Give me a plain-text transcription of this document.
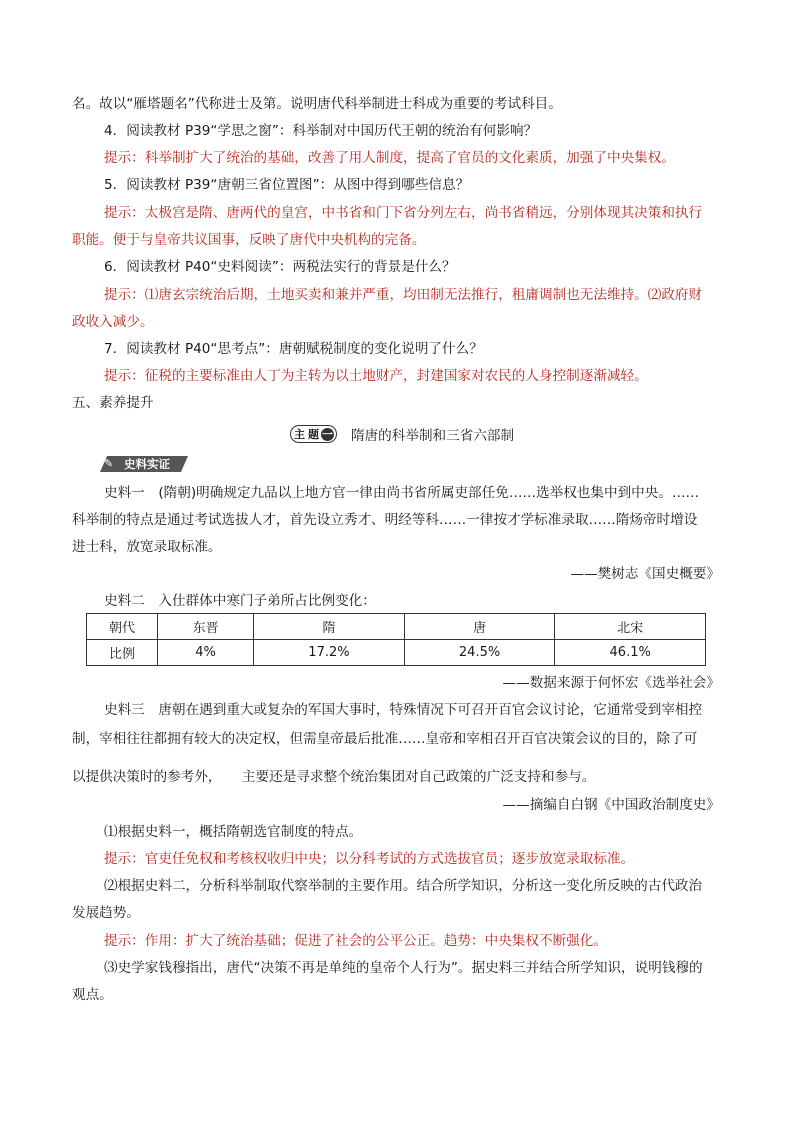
名。故以“雁塔题名”代称进士及第。说明唐代科举制进士科成为重要的考试科目。
4．阅读教材 P39“学思之窗”：科举制对中国历代王朝的统治有何影响？
提示：科举制扩大了统治的基础，改善了用人制度，提高了官员的文化素质，加强了中央集权。
5．阅读教材 P39“唐朝三省位置图”：从图中得到哪些信息？
提示：太极宫是隋、唐两代的皇宫，中书省和门下省分列左右，尚书省稍远，分别体现其决策和执行
职能。便于与皇帝共议国事，反映了唐代中央机构的完备。
6．阅读教材 P40“史料阅读”：两税法实行的背景是什么？
提示：⑴唐玄宗统治后期，土地买卖和兼并严重，均田制无法推行，租庸调制也无法维持。⑵政府财
政收入减少。
7．阅读教材 P40“思考点”：唐朝赋税制度的变化说明了什么？
提示：征税的主要标准由人丁为主转为以土地财产，封建国家对农民的人身控制逐渐减轻。
五、素养提升
主 题 一 隋唐的科举制和三省六部制
✎ 史料实证
史料一　(隋朝)明确规定九品以上地方官一律由尚书省所属吏部任免……选举权也集中到中央。……
科举制的特点是通过考试选拔人才，首先设立秀才、明经等科……一律按才学标准录取……隋炀帝时增设
进士科，放宽录取标准。
——樊树志《国史概要》
史料二　入仕群体中寒门子弟所占比例变化：
朝代	东晋	隋	唐	北宋
比例	4%	17.2%	24.5%	46.1%
——数据来源于何怀宏《选举社会》
史料三　唐朝在遇到重大或复杂的军国大事时，特殊情况下可召开百官会议讨论，它通常受到宰相控
制，宰相往往都拥有较大的决定权，但需皇帝最后批准……皇帝和宰相召开百官决策会议的目的，除了可
以提供决策时的参考外，　　主要还是寻求整个统治集团对自己政策的广泛支持和参与。
——摘编自白钢《中国政治制度史》
⑴根据史料一，概括隋朝选官制度的特点。
提示：官吏任免权和考核权收归中央；以分科考试的方式选拔官员；逐步放宽录取标准。
⑵根据史料二，分析科举制取代察举制的主要作用。结合所学知识，分析这一变化所反映的古代政治
发展趋势。
提示：作用：扩大了统治基础；促进了社会的公平公正。趋势：中央集权不断强化。
⑶史学家钱穆指出，唐代“决策不再是单纯的皇帝个人行为”。据史料三并结合所学知识，说明钱穆的
观点。
